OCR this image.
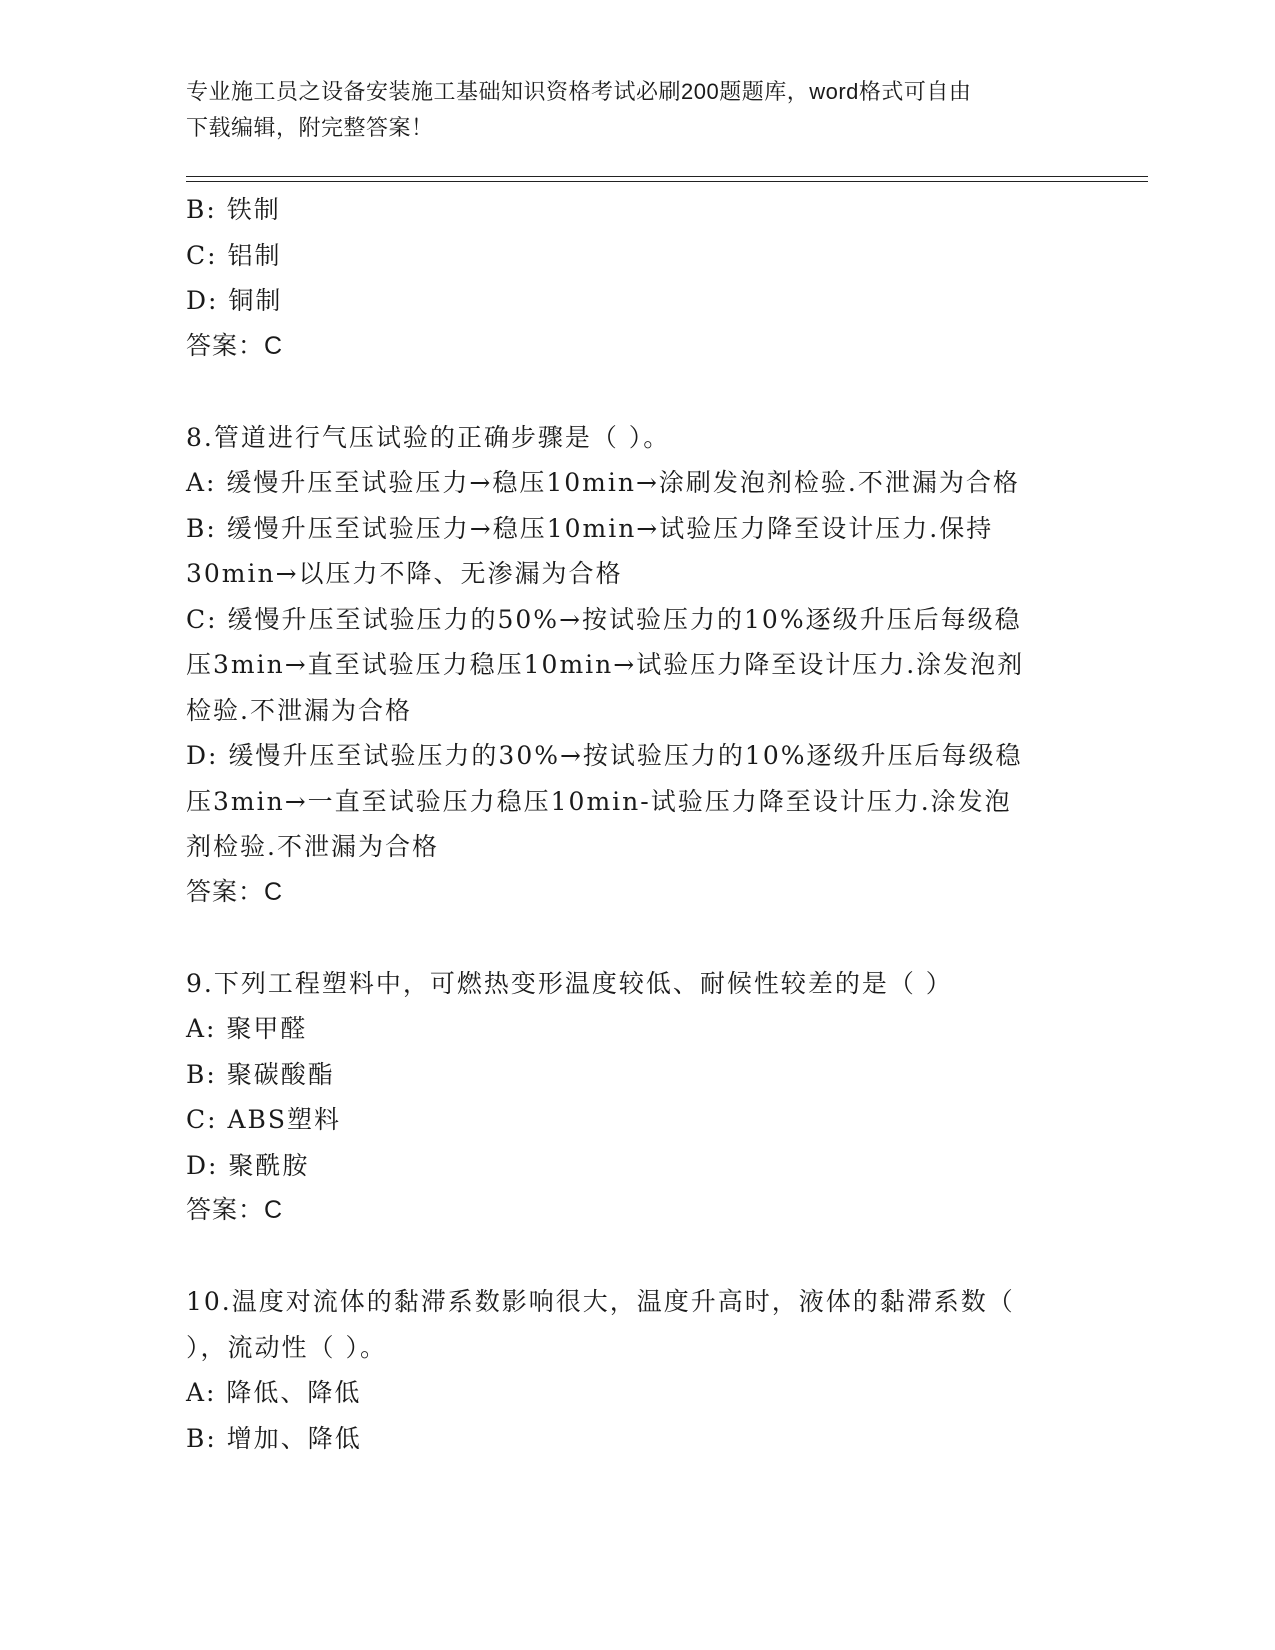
专业施工员之设备安装施工基础知识资格考试必刷200题题库，word格式可自由
下载编辑，附完整答案！
B: 铁制
C: 铝制
D: 铜制
答案：C
8.管道进行气压试验的正确步骤是（ ）。
A: 缓慢升压至试验压力→稳压10min→涂刷发泡剂检验.不泄漏为合格
B: 缓慢升压至试验压力→稳压10min→试验压力降至设计压力.保持
30min→以压力不降、无渗漏为合格
C: 缓慢升压至试验压力的50%→按试验压力的10%逐级升压后每级稳
压3min→直至试验压力稳压10min→试验压力降至设计压力.涂发泡剂
检验.不泄漏为合格
D: 缓慢升压至试验压力的30%→按试验压力的10%逐级升压后每级稳
压3min→一直至试验压力稳压10min-试验压力降至设计压力.涂发泡
剂检验.不泄漏为合格
答案：C
9.下列工程塑料中，可燃热变形温度较低、耐候性较差的是（ ）
A: 聚甲醛
B: 聚碳酸酯
C: ABS塑料
D: 聚酰胺
答案：C
10.温度对流体的黏滞系数影响很大，温度升高时，液体的黏滞系数（
），流动性（ ）。
A: 降低、降低
B: 增加、降低
